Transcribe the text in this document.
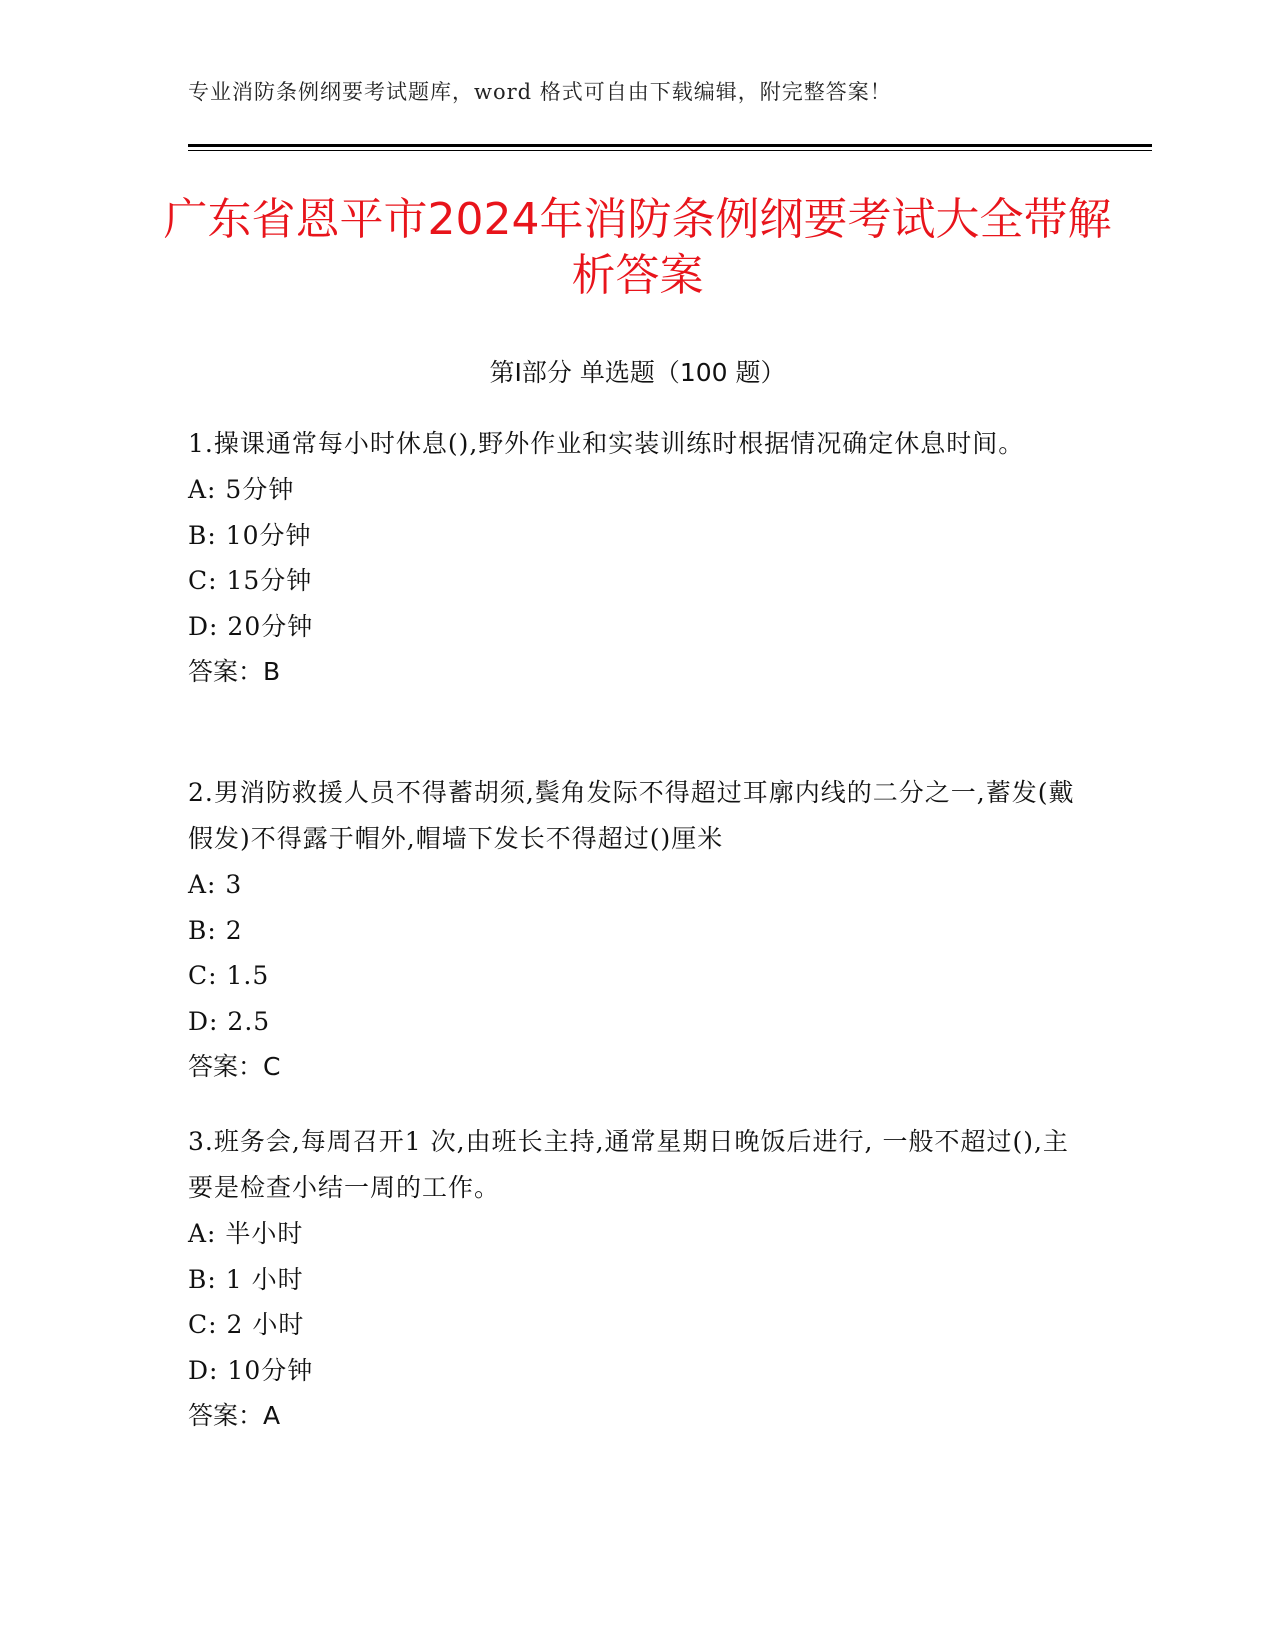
专业消防条例纲要考试题库，word 格式可自由下载编辑，附完整答案！
广东省恩平市2024年消防条例纲要考试大全带解析答案
第Ⅰ部分 单选题（100 题）
1.操课通常每小时休息(),野外作业和实装训练时根据情况确定休息时间。
A: 5分钟
B: 10分钟
C: 15分钟
D: 20分钟
答案：B
2.男消防救援人员不得蓄胡须,鬓角发际不得超过耳廓内线的二分之一,蓄发(戴假发)不得露于帽外,帽墙下发长不得超过()厘米
A: 3
B: 2
C: 1.5
D: 2.5
答案：C
3.班务会,每周召开1 次,由班长主持,通常星期日晚饭后进行, 一般不超过(),主要是检查小结一周的工作。
A: 半小时
B: 1 小时
C: 2 小时
D: 10分钟
答案：A
